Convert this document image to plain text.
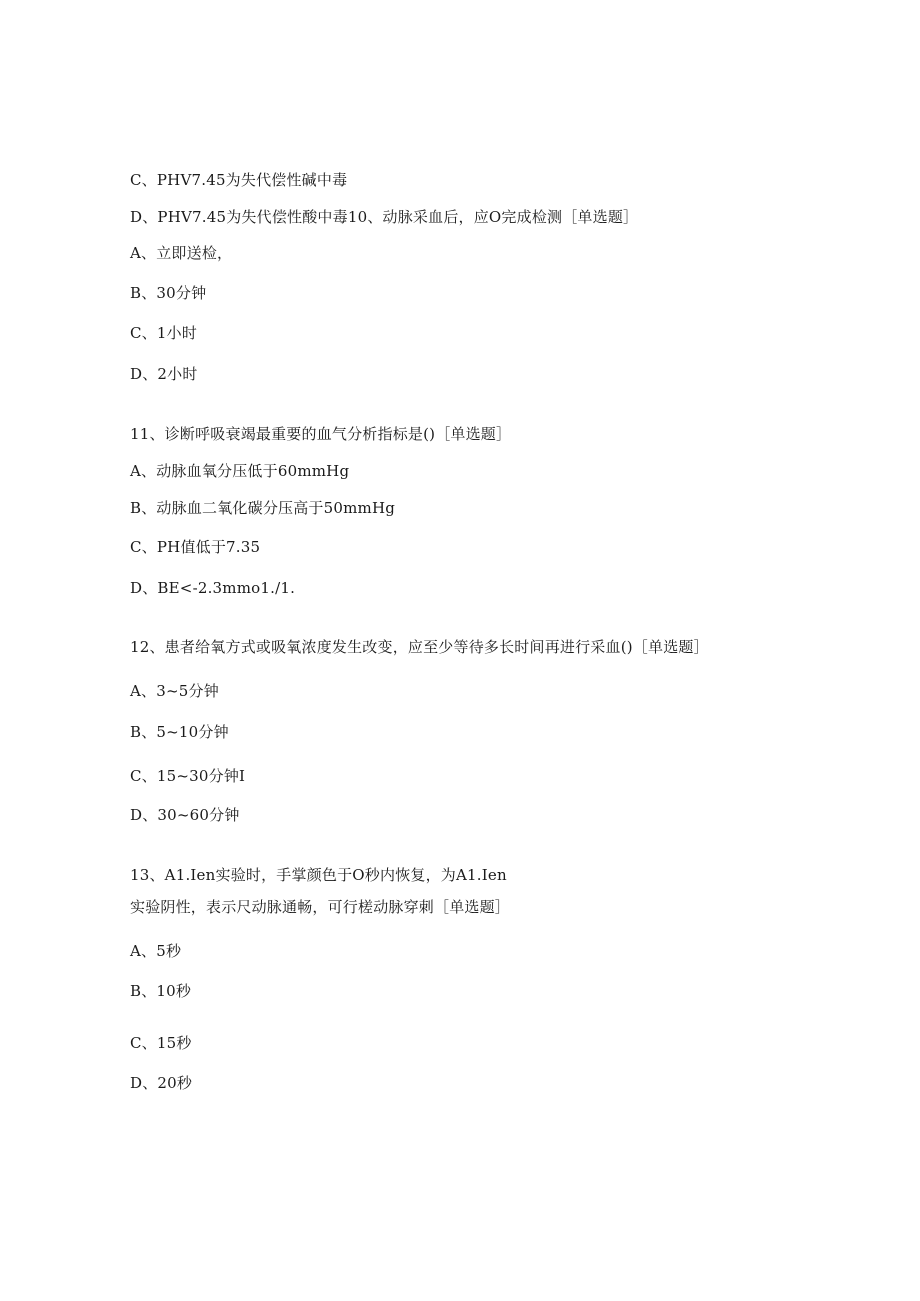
C、PHV7.45为失代偿性碱中毒
D、PHV7.45为失代偿性酸中毒10、动脉采血后，应O完成检测［单选题］
A、立即送检，
B、30分钟
C、1小时
D、2小时
11、诊断呼吸衰竭最重要的血气分析指标是()［单选题］
A、动脉血氧分压低于60mmHg
B、动脉血二氧化碳分压高于50mmHg
C、PH值低于7.35
D、BE<-2.3mmo1./1.
12、患者给氧方式或吸氧浓度发生改变，应至少等待多长时间再进行采血()［单选题］
A、3~5分钟
B、5~10分钟
C、15~30分钟I
D、30~60分钟
13、A1.Ien实验时，手掌颜色于O秒内恢复，为A1.Ien
实验阴性，表示尺动脉通畅，可行槎动脉穿刺［单选题］
A、5秒
B、10秒
C、15秒
D、20秒
